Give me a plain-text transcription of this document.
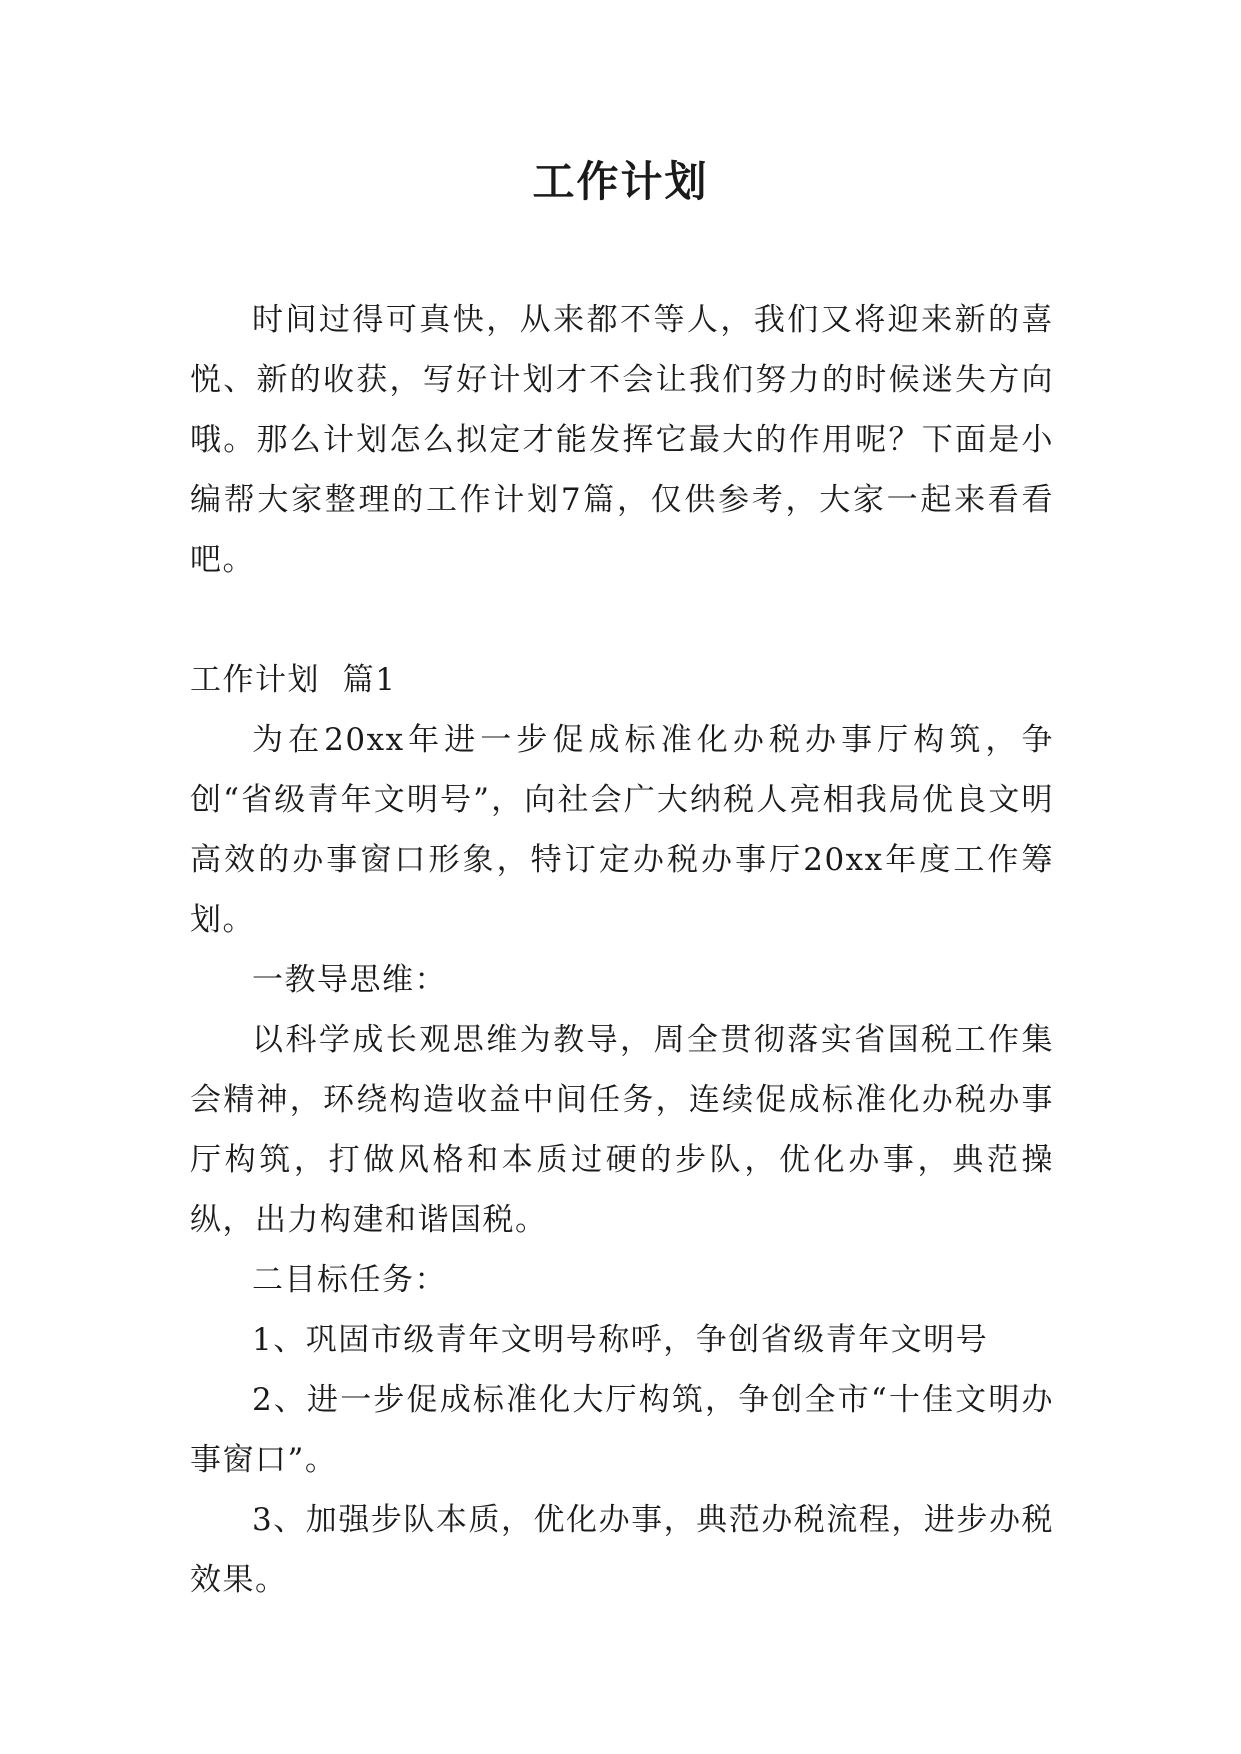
工作计划

时间过得可真快，从来都不等人，我们又将迎来新的喜悦、新的收获，写好计划才不会让我们努力的时候迷失方向哦。那么计划怎么拟定才能发挥它最大的作用呢？下面是小编帮大家整理的工作计划7篇，仅供参考，大家一起来看看吧。

工作计划  篇1

为在20xx年进一步促成标准化办税办事厅构筑，争创“省级青年文明号”，向社会广大纳税人亮相我局优良文明高效的办事窗口形象，特订定办税办事厅20xx年度工作筹划。

一教导思维：

以科学成长观思维为教导，周全贯彻落实省国税工作集会精神，环绕构造收益中间任务，连续促成标准化办税办事厅构筑，打做风格和本质过硬的步队，优化办事，典范操纵，出力构建和谐国税。

二目标任务：

1、巩固市级青年文明号称呼，争创省级青年文明号

2、进一步促成标准化大厅构筑，争创全市“十佳文明办事窗口”。

3、加强步队本质，优化办事，典范办税流程，进步办税效果。
